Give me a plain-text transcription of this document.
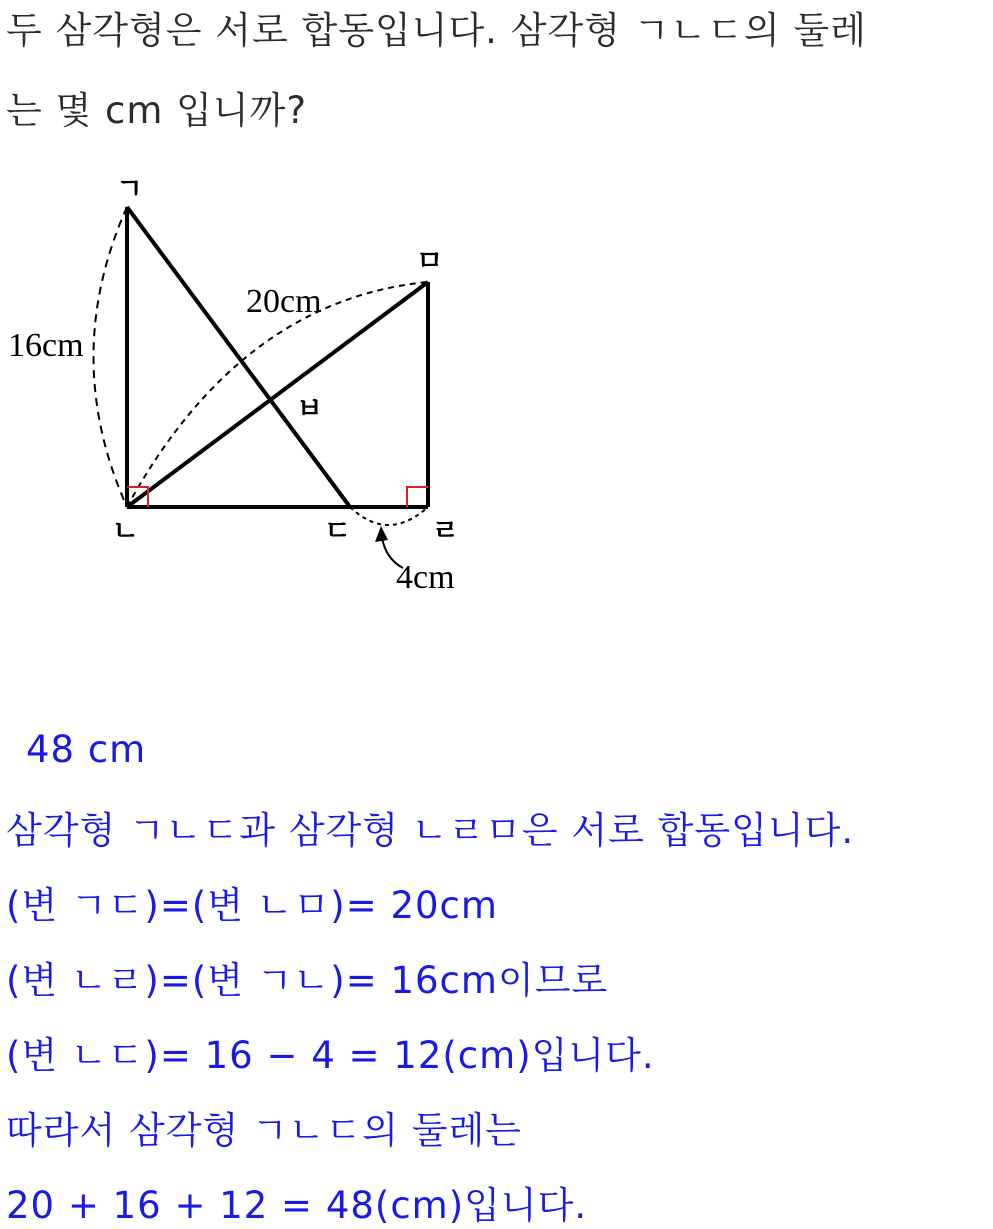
두 삼각형은 서로 합동입니다. 삼각형 ㄱㄴㄷ의 둘레
는 몇 cm 입니까?
ㄱ
ㄴ	ㄷ	ㄹ
ㅁ
ㅂ
16cm
20cm
4cm
48 cm
삼각형 ㄱㄴㄷ과 삼각형 ㄴㄹㅁ은 서로 합동입니다.
(변 ㄱㄷ)=(변 ㄴㅁ)= 20cm
(변 ㄴㄹ)=(변 ㄱㄴ)= 16cm이므로
(변 ㄴㄷ)= 16 − 4 = 12(cm)입니다.
따라서 삼각형 ㄱㄴㄷ의 둘레는
20 + 16 + 12 = 48(cm)입니다.
